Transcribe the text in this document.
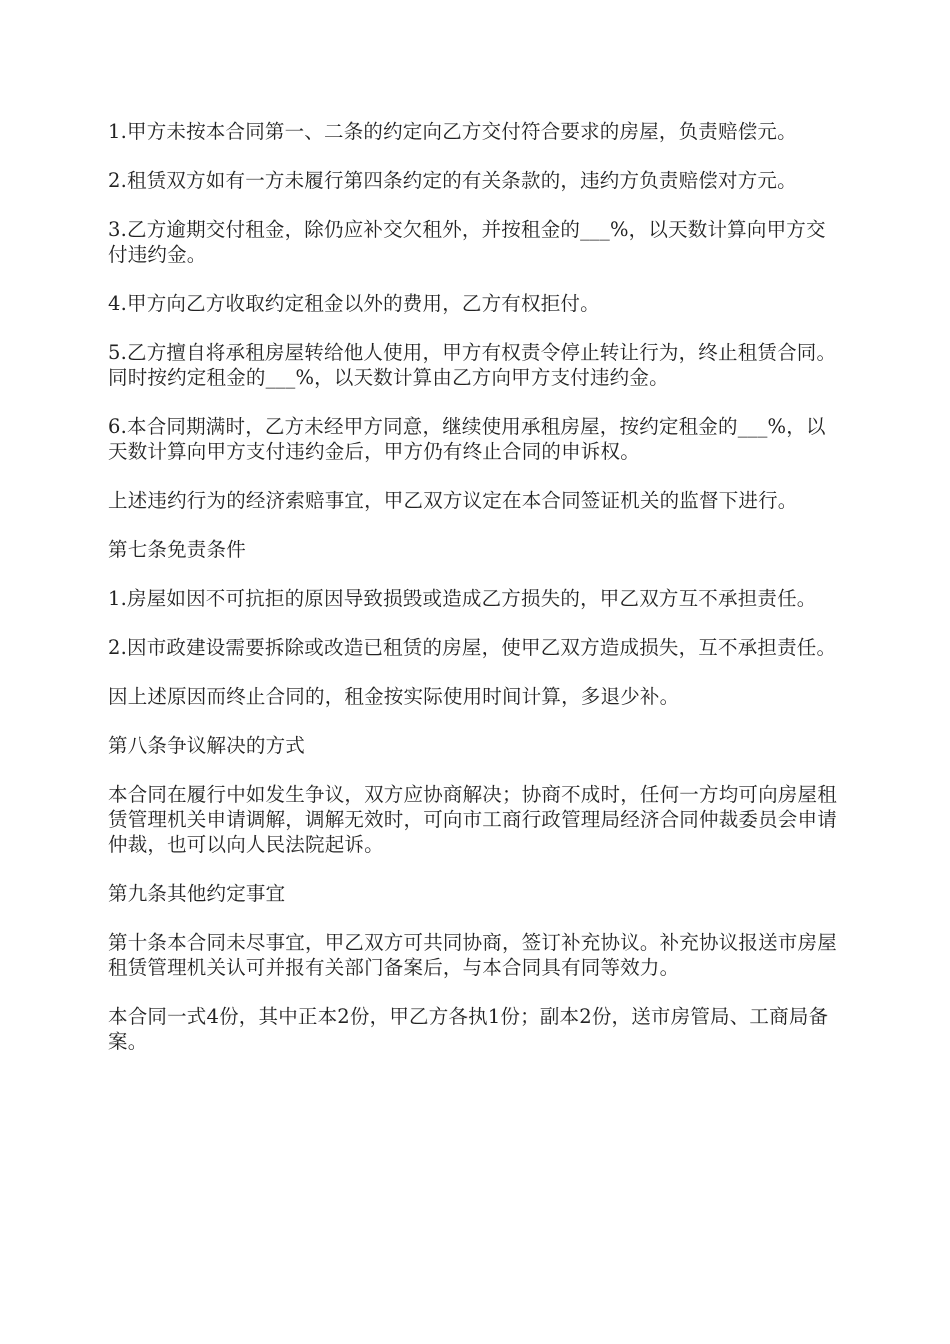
1.甲方未按本合同第一、二条的约定向乙方交付符合要求的房屋，负责赔偿元。

2.租赁双方如有一方未履行第四条约定的有关条款的，违约方负责赔偿对方元。

3.乙方逾期交付租金，除仍应补交欠租外，并按租金的___%，以天数计算向甲方交付违约金。

4.甲方向乙方收取约定租金以外的费用，乙方有权拒付。

5.乙方擅自将承租房屋转给他人使用，甲方有权责令停止转让行为，终止租赁合同。同时按约定租金的___%，以天数计算由乙方向甲方支付违约金。

6.本合同期满时，乙方未经甲方同意，继续使用承租房屋，按约定租金的___%，以天数计算向甲方支付违约金后，甲方仍有终止合同的申诉权。

上述违约行为的经济索赔事宜，甲乙双方议定在本合同签证机关的监督下进行。

第七条免责条件

1.房屋如因不可抗拒的原因导致损毁或造成乙方损失的，甲乙双方互不承担责任。

2.因市政建设需要拆除或改造已租赁的房屋，使甲乙双方造成损失，互不承担责任。

因上述原因而终止合同的，租金按实际使用时间计算，多退少补。

第八条争议解决的方式

本合同在履行中如发生争议，双方应协商解决；协商不成时，任何一方均可向房屋租赁管理机关申请调解，调解无效时，可向市工商行政管理局经济合同仲裁委员会申请仲裁，也可以向人民法院起诉。

第九条其他约定事宜

第十条本合同未尽事宜，甲乙双方可共同协商，签订补充协议。补充协议报送市房屋租赁管理机关认可并报有关部门备案后，与本合同具有同等效力。

本合同一式4份，其中正本2份，甲乙方各执1份；副本2份，送市房管局、工商局备案。
